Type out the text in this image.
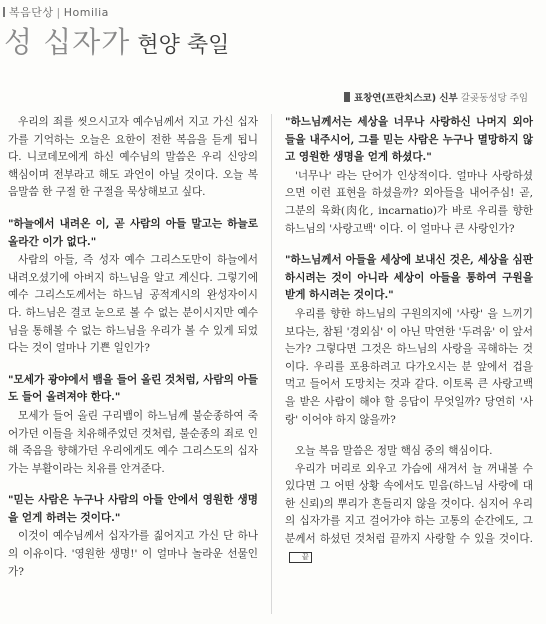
복음단상 | Homilia
성 십자가 현양 축일
표창연(프란치스코) 신부 갈곶동성당 주임

우리의 죄를 씻으시고자 예수님께서 지고 가신 십자가를 기억하는 오늘은 요한이 전한 복음을 듣게 됩니다. 니코데모에게 하신 예수님의 말씀은 우리 신앙의 핵심이며 전부라고 해도 과언이 아닐 것이다. 오늘 복음말씀 한 구절 한 구절을 묵상해보고 싶다.

"하늘에서 내려온 이, 곧 사람의 아들 말고는 하늘로 올라간 이가 없다."

사람의 아들, 즉 성자 예수 그리스도만이 하늘에서 내려오셨기에 아버지 하느님을 알고 계신다. 그렇기에 예수 그리스도께서는 하느님 공적계시의 완성자이시다. 하느님은 결코 눈으로 볼 수 없는 분이시지만 예수님을 통해볼 수 없는 하느님을 우리가 볼 수 있게 되었다는 것이 얼마나 기쁜 일인가?

"모세가 광야에서 뱀을 들어 올린 것처럼, 사람의 아들도 들어 올려져야 한다."

모세가 들어 올린 구리뱀이 하느님께 불순종하여 죽어가던 이들을 치유해주었던 것처럼, 불순종의 죄로 인해 죽음을 향해가던 우리에게도 예수 그리스도의 십자가는 부활이라는 치유를 안겨준다.

"믿는 사람은 누구나 사람의 아들 안에서 영원한 생명을 얻게 하려는 것이다."

이것이 예수님께서 십자가를 짊어지고 가신 단 하나의 이유이다. '영원한 생명!' 이 얼마나 놀라운 선물인가?

"하느님께서는 세상을 너무나 사랑하신 나머지 외아들을 내주시어, 그를 믿는 사람은 누구나 멸망하지 않고 영원한 생명을 얻게 하셨다."

'너무나' 라는 단어가 인상적이다. 얼마나 사랑하셨으면 이런 표현을 하셨을까? 외아들을 내어주심! 곧, 그분의 육화(肉化, incarnatio)가 바로 우리를 향한 하느님의 '사랑고백' 이다. 이 얼마나 큰 사랑인가?

"하느님께서 아들을 세상에 보내신 것은, 세상을 심판하시려는 것이 아니라 세상이 아들을 통하여 구원을 받게 하시려는 것이다."

우리를 향한 하느님의 구원의지에 '사랑' 을 느끼기보다는, 참된 '경외심' 이 아닌 막연한 '두려움' 이 앞서는가? 그렇다면 그것은 하느님의 사랑을 곡해하는 것이다. 우리를 포용하려고 다가오시는 분 앞에서 겁을 먹고 들어서 도망치는 것과 같다. 이토록 큰 사랑고백을 받은 사람이 해야 할 응답이 무엇일까? 당연히 '사랑' 이어야 하지 않을까?

오늘 복음 말씀은 정말 핵심 중의 핵심이다.

우리가 머리로 외우고 가슴에 새겨서 늘 꺼내볼 수 있다면 그 어떤 상황 속에서도 믿음(하느님 사랑에 대한 신뢰)의 뿌리가 흔들리지 않을 것이다. 심지어 우리의 십자가를 지고 걸어가야 하는 고통의 순간에도, 그분께서 하셨던 것처럼 끝까지 사랑할 수 있을 것이다.끝
